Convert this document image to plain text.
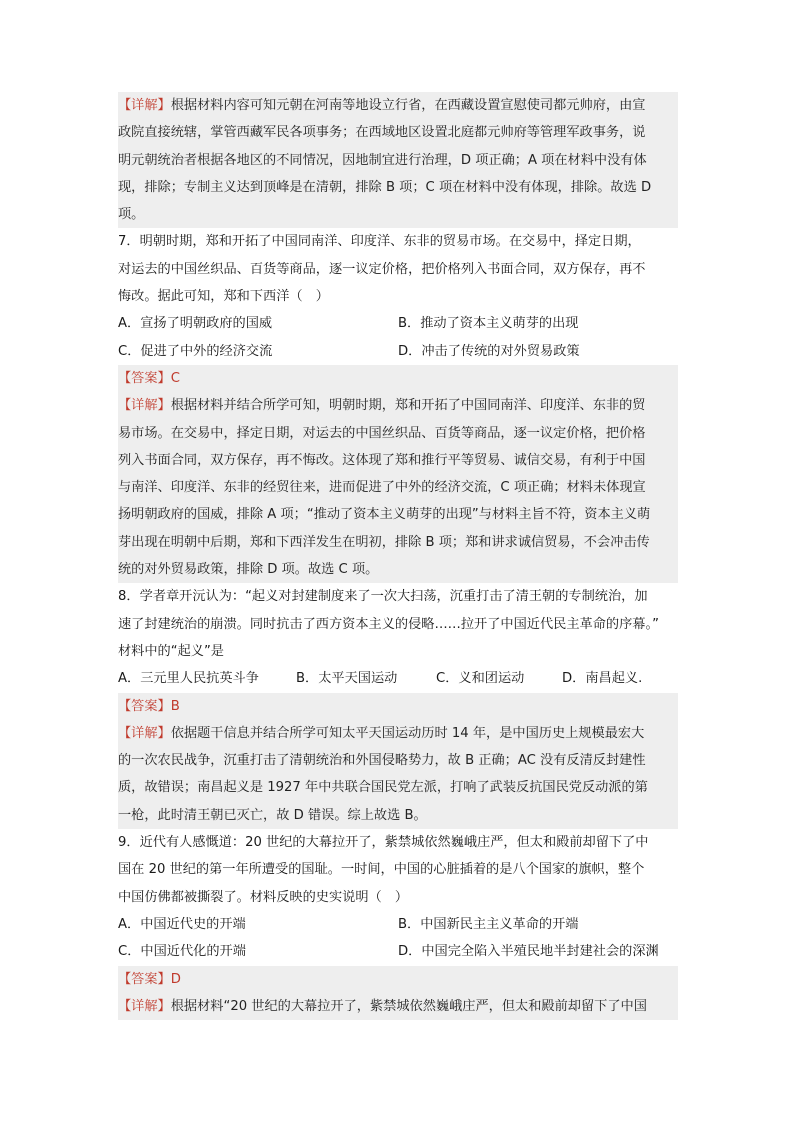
【详解】根据材料内容可知元朝在河南等地设立行省，在西藏设置宣慰使司都元帅府，由宣
政院直接统辖，掌管西藏军民各项事务；在西域地区设置北庭都元帅府等管理军政事务，说
明元朝统治者根据各地区的不同情况，因地制宜进行治理，D 项正确；A 项在材料中没有体
现，排除；专制主义达到顶峰是在清朝，排除 B 项；C 项在材料中没有体现，排除。故选 D
项。
7．明朝时期，郑和开拓了中国同南洋、印度洋、东非的贸易市场。在交易中，择定日期，
对运去的中国丝织品、百货等商品，逐一议定价格，把价格列入书面合同，双方保存，再不
悔改。据此可知，郑和下西洋（　）
A．宣扬了明朝政府的国威	B．推动了资本主义萌芽的出现
C．促进了中外的经济交流	D．冲击了传统的对外贸易政策
【答案】C
【详解】根据材料并结合所学可知，明朝时期，郑和开拓了中国同南洋、印度洋、东非的贸
易市场。在交易中，择定日期，对运去的中国丝织品、百货等商品，逐一议定价格，把价格
列入书面合同，双方保存，再不悔改。这体现了郑和推行平等贸易、诚信交易，有利于中国
与南洋、印度洋、东非的经贸往来，进而促进了中外的经济交流，C 项正确；材料未体现宣
扬明朝政府的国威，排除 A 项；“推动了资本主义萌芽的出现”与材料主旨不符，资本主义萌
芽出现在明朝中后期，郑和下西洋发生在明初，排除 B 项；郑和讲求诚信贸易，不会冲击传
统的对外贸易政策，排除 D 项。故选 C 项。
8．学者章开沅认为：“起义对封建制度来了一次大扫荡，沉重打击了清王朝的专制统治，加
速了封建统治的崩溃。同时抗击了西方资本主义的侵略……拉开了中国近代民主革命的序幕。”
材料中的“起义”是
A．三元里人民抗英斗争	B．太平天国运动	C．义和团运动	D．南昌起义.
【答案】B
【详解】依据题干信息并结合所学可知太平天国运动历时 14 年，是中国历史上规模最宏大
的一次农民战争，沉重打击了清朝统治和外国侵略势力，故 B 正确；AC 没有反清反封建性
质，故错误；南昌起义是 1927 年中共联合国民党左派，打响了武装反抗国民党反动派的第
一枪，此时清王朝已灭亡，故 D 错误。综上故选 B。
9．近代有人感慨道：20 世纪的大幕拉开了，紫禁城依然巍峨庄严，但太和殿前却留下了中
国在 20 世纪的第一年所遭受的国耻。一时间，中国的心脏插着的是八个国家的旗帜，整个
中国仿佛都被撕裂了。材料反映的史实说明（　）
A．中国近代史的开端	B．中国新民主主义革命的开端
C．中国近代化的开端	D．中国完全陷入半殖民地半封建社会的深渊
【答案】D
【详解】根据材料“20 世纪的大幕拉开了，紫禁城依然巍峨庄严，但太和殿前却留下了中国
